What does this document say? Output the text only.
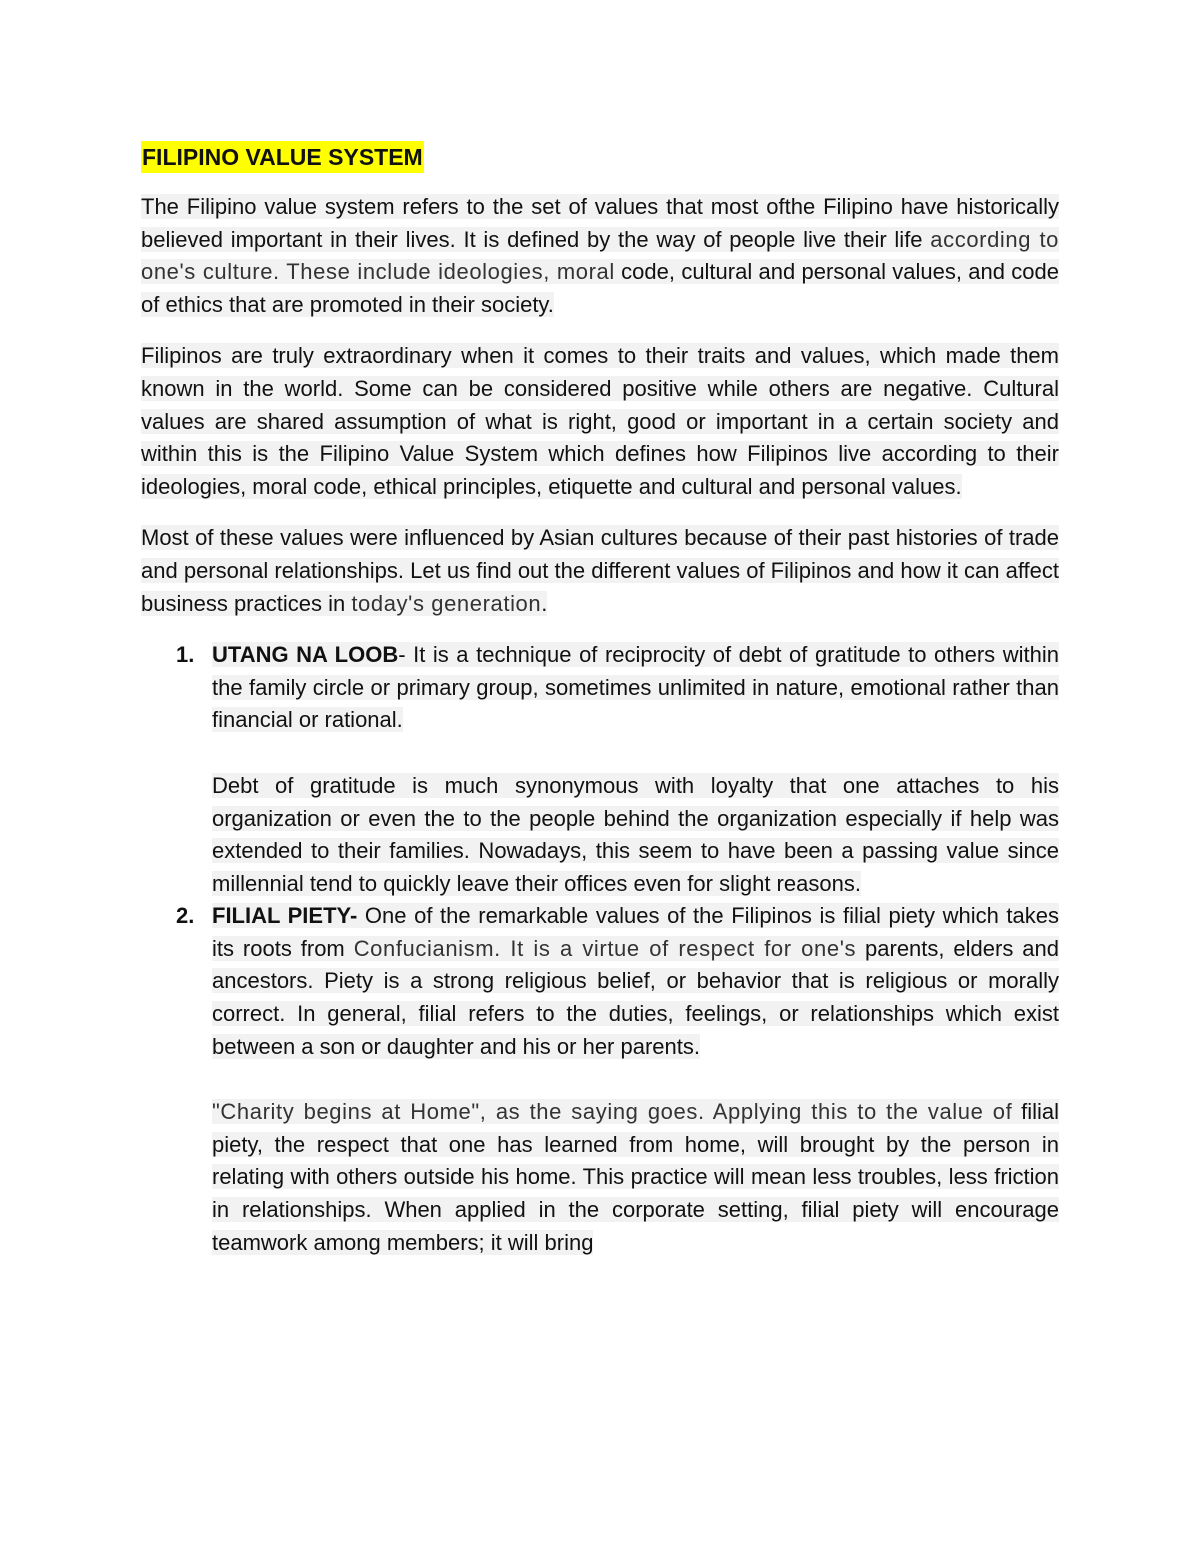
FILIPINO VALUE SYSTEM

The Filipino value system refers to the set of values that most ofthe Filipino have historically believed important in their lives. It is defined by the way of people live their life according to one's culture. These include ideologies, moral code, cultural and personal values, and code of ethics that are promoted in their society.

Filipinos are truly extraordinary when it comes to their traits and values, which made them known in the world. Some can be considered positive while others are negative. Cultural values are shared assumption of what is right, good or important in a certain society and within this is the Filipino Value System which defines how Filipinos live according to their ideologies, moral code, ethical principles, etiquette and cultural and personal values.

Most of these values were influenced by Asian cultures because of their past histories of trade and personal relationships. Let us find out the different values of Filipinos and how it can affect business practices in today's generation.

1. UTANG NA LOOB- It is a technique of reciprocity of debt of gratitude to others within the family circle or primary group, sometimes unlimited in nature, emotional rather than financial or rational.

Debt of gratitude is much synonymous with loyalty that one attaches to his organization or even the to the people behind the organization especially if help was extended to their families. Nowadays, this seem to have been a passing value since millennial tend to quickly leave their offices even for slight reasons.

2. FILIAL PIETY- One of the remarkable values of the Filipinos is filial piety which takes its roots from Confucianism. It is a virtue of respect for one's parents, elders and ancestors. Piety is a strong religious belief, or behavior that is religious or morally correct. In general, filial refers to the duties, feelings, or relationships which exist between a son or daughter and his or her parents.

"Charity begins at Home", as the saying goes. Applying this to the value of filial piety, the respect that one has learned from home, will brought by the person in relating with others outside his home. This practice will mean less troubles, less friction in relationships. When applied in the corporate setting, filial piety will encourage teamwork among members; it will bring
